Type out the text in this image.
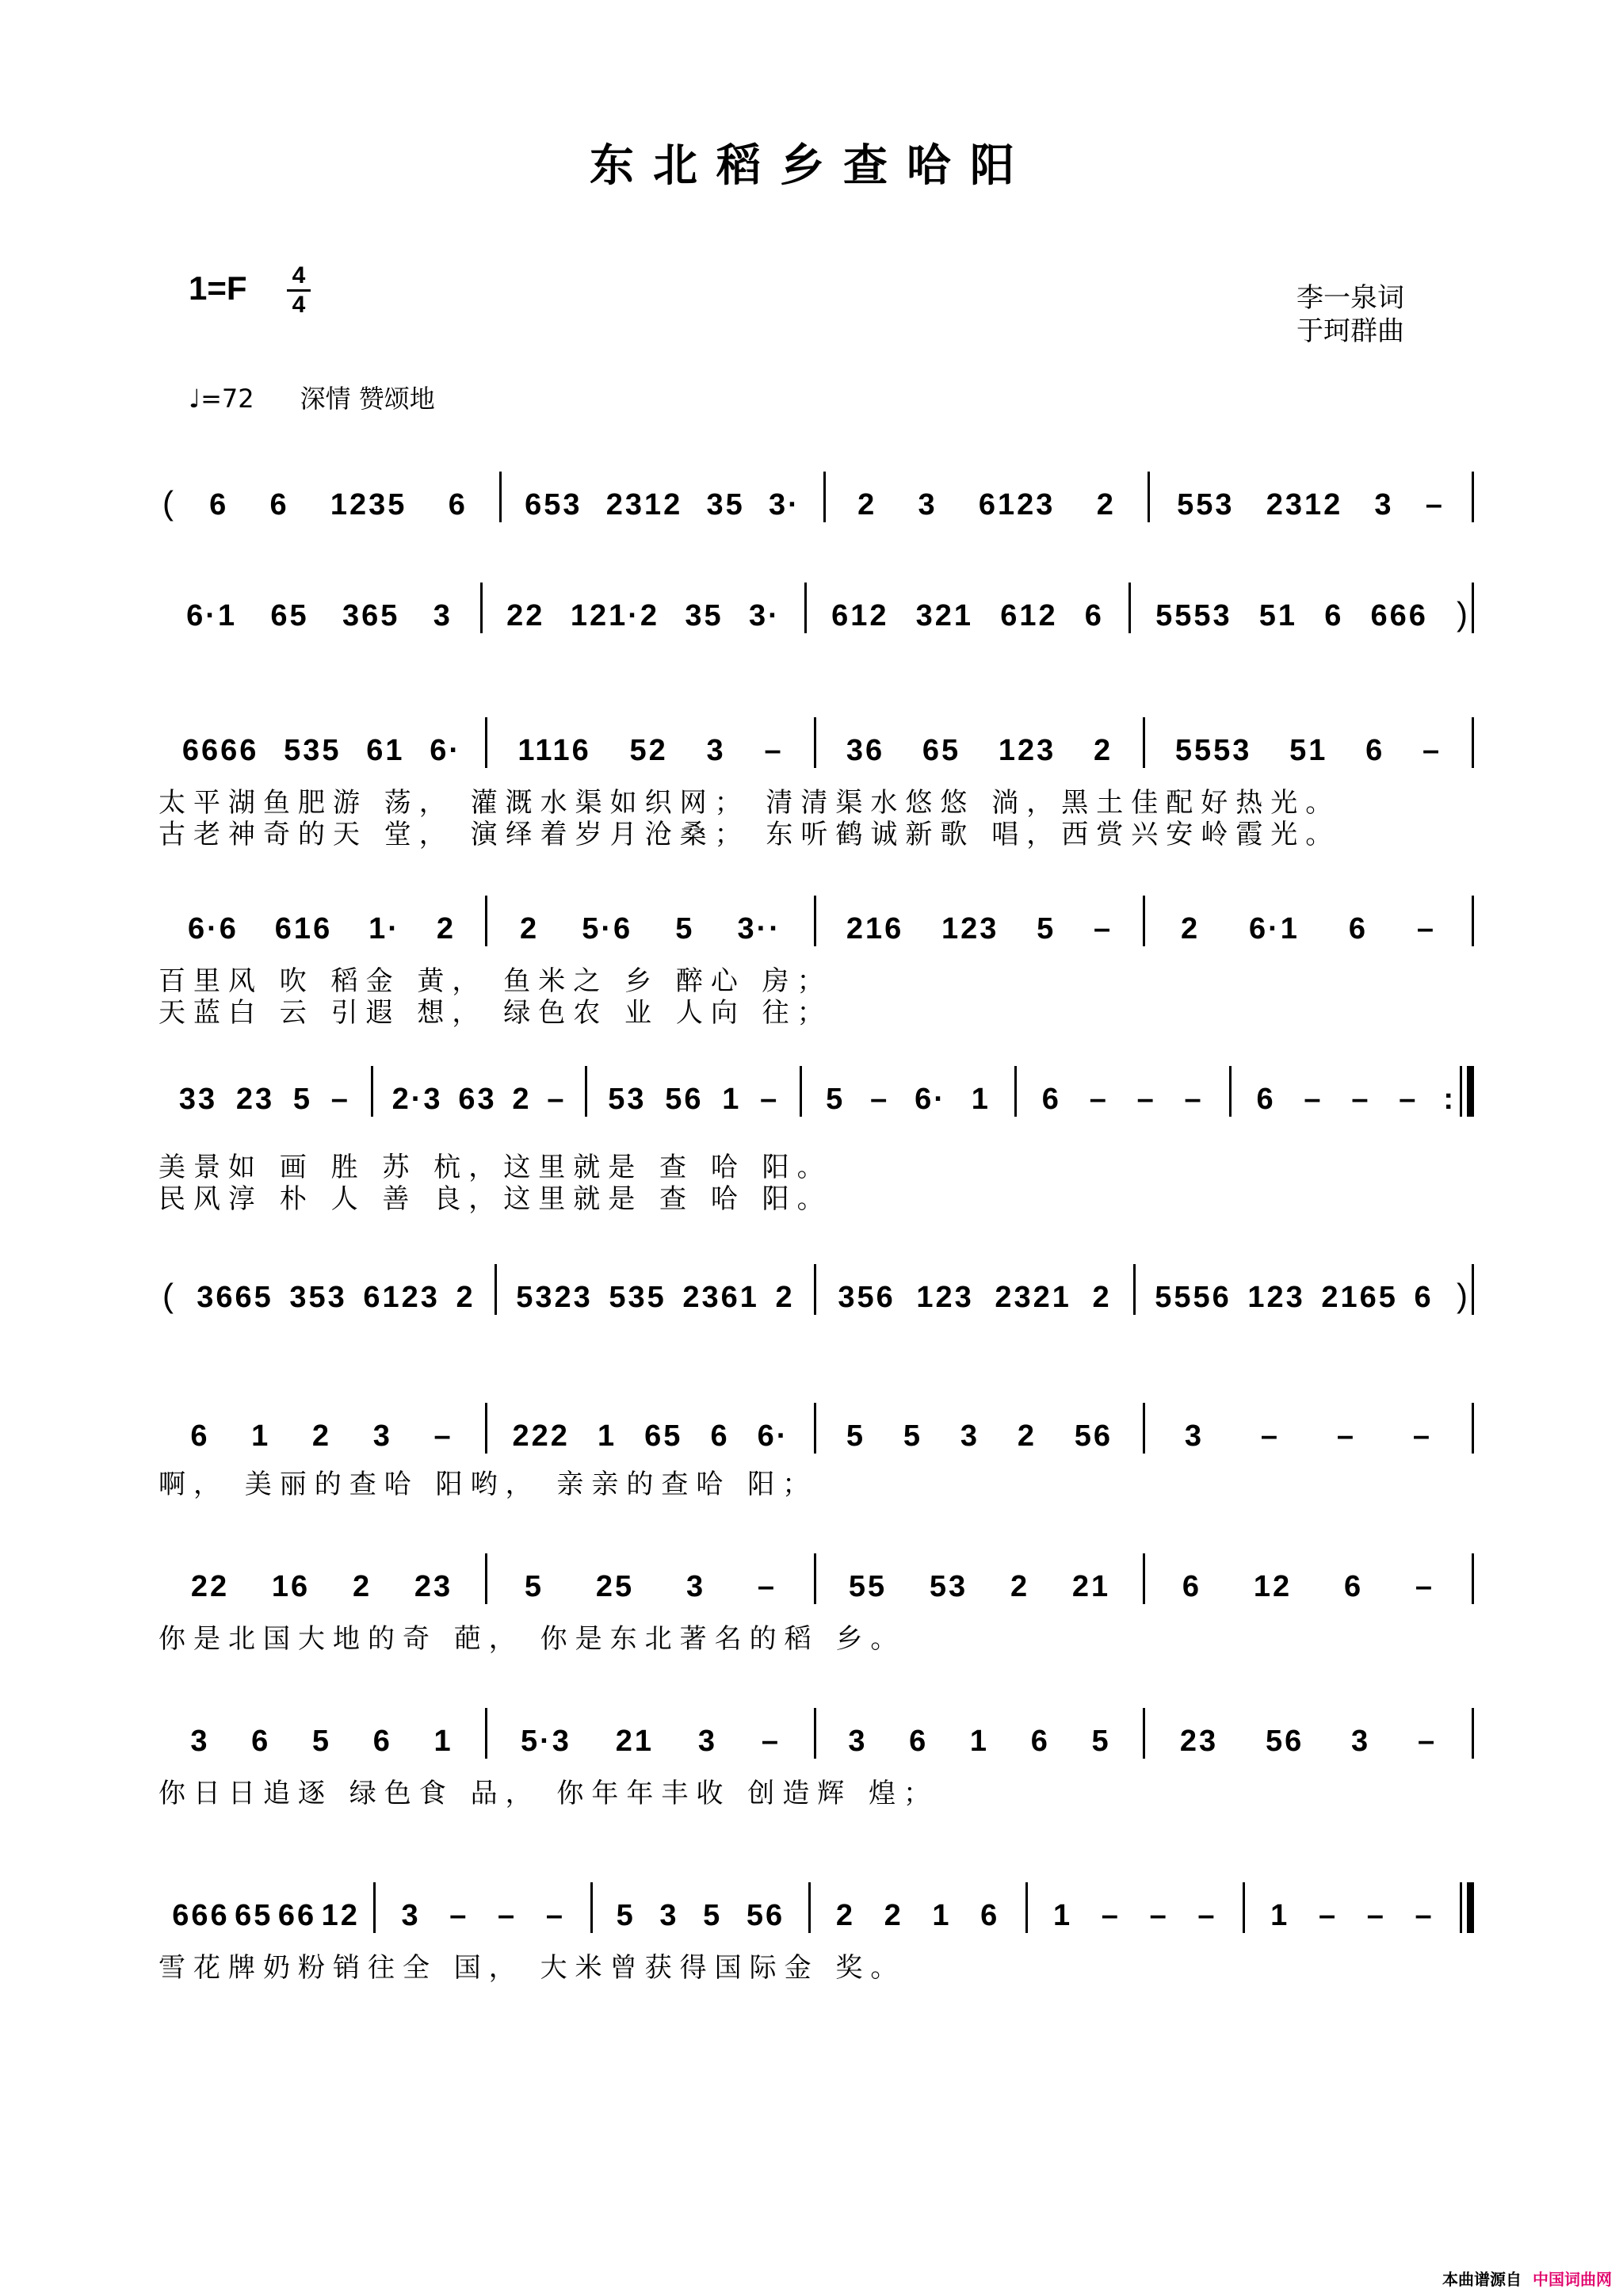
东北稻乡查哈阳
1=F 4
4	李一泉词
于珂群曲
♩=72 深情 赞颂地
( 6 6 1235 6 653 2312 35 3· 2 3 6123 2 553 2312 3 –
6·1 65 365 3 22 121·2 35 3· 612 321 612 6 5553 51 6 666 )
6666 535 61 6· 1116 52 3 – 36 65 123 2 5553 51 6 –
6·6 616 1· 2 2 5·6 5 3·· 216 123 5 – 2 6·1 6 –
33 23 5 – 2·3 63 2 – 53 56 1 – 5 – 6· 1 6 – – – 6 – – – :
( 3665 353 6123 2 5323 535 2361 2 356 123 2321 2 5556 123 2165 6 )
6 1 2 3 – 222 1 65 6 6· 5 5 3 2 56 3 – – –
22 16 2 23 5 25 3 – 55 53 2 21 6 12 6 –
3 6 5 6 1 5·3 21 3 – 3 6 1 6 5 23 56 3 –
666 65 66 12 3 – – – 5 3 5 56 2 2 1 6 1 – – – 1 – – –
太平湖鱼肥游 荡， 灌溉水渠如织网； 清清渠水悠悠 淌，黑土佳配好热光。
古老神奇的天 堂， 演绎着岁月沧桑； 东听鹤诚新歌 唱，西赏兴安岭霞光。
百里风 吹 稻金 黄， 鱼米之 乡 醉心 房；
天蓝白 云 引遐 想， 绿色农 业 人向 往；
美景如 画 胜 苏 杭，这里就是 查 哈 阳。
民风淳 朴 人 善 良，这里就是 查 哈 阳。
啊， 美丽的查哈 阳哟， 亲亲的查哈 阳；
你是北国大地的奇 葩， 你是东北著名的稻 乡。
你日日追逐 绿色食 品， 你年年丰收 创造辉 煌；
雪花牌奶粉销往全 国， 大米曾获得国际金 奖。
本曲谱源自 中国词曲网
